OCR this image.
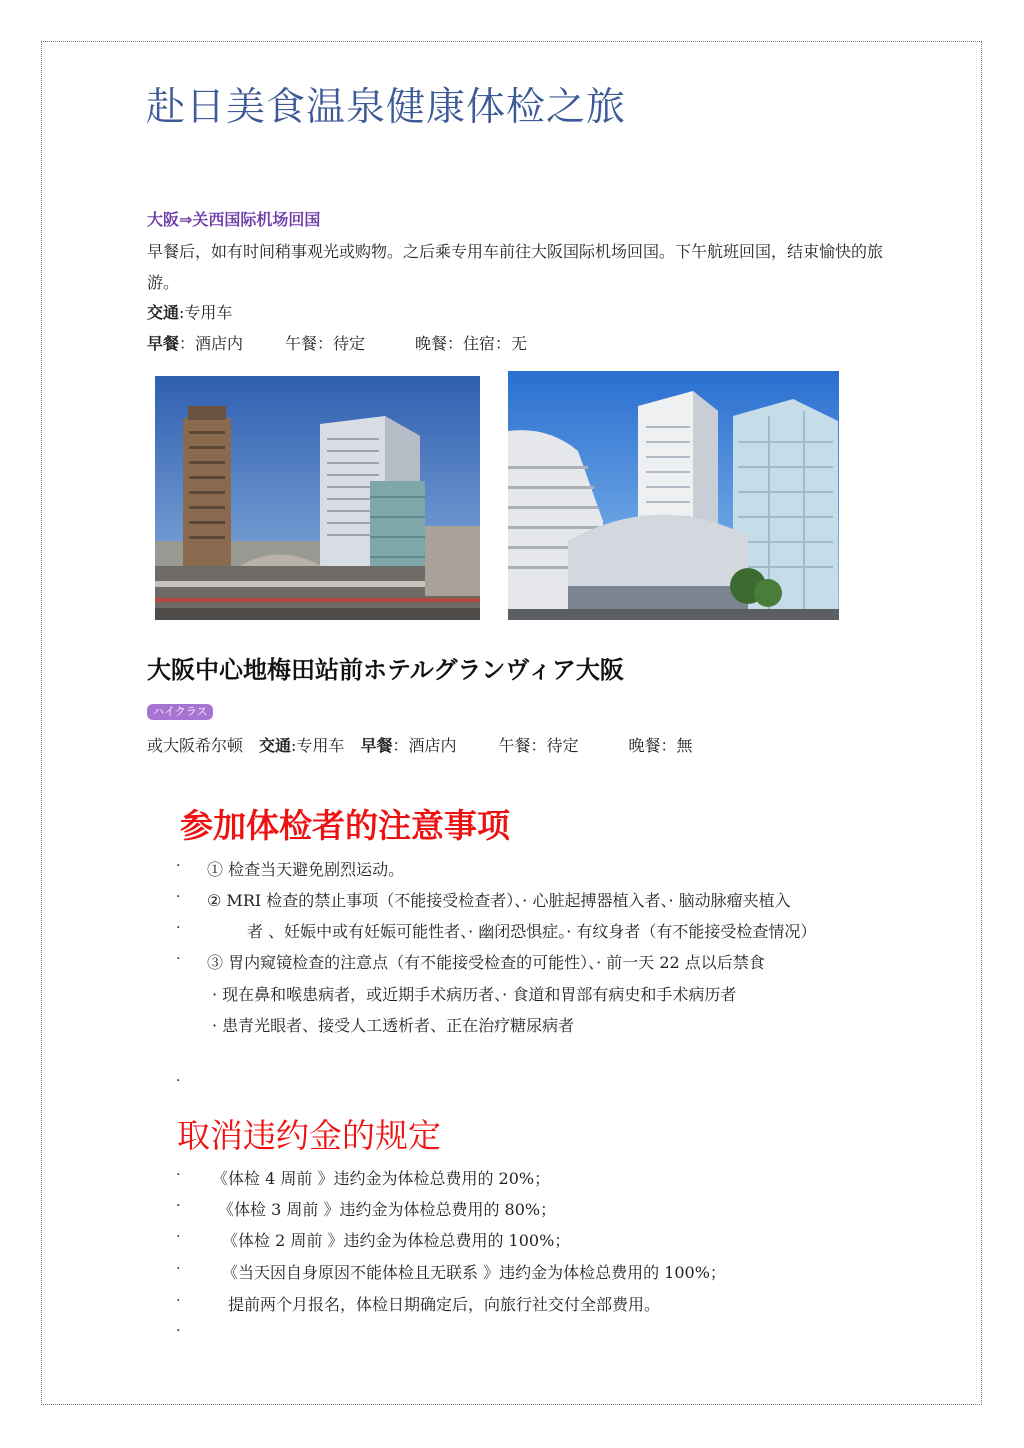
赴日美食温泉健康体检之旅
大阪⇒关西国际机场回国

早餐后，如有时间稍事观光或购物。之后乘专用车前往大阪国际机场回国。下午航班回国，结束愉快的旅游。

交通:专用车
早餐：酒店内	午餐：待定	晚餐：住宿：无
大阪中心地梅田站前ホテルグランヴィア大阪
ハイクラス
或大阪希尔顿 交通:专用车 早餐：酒店内	午餐：待定	晚餐：無
参加体检者的注意事项
· ① 检查当天避免剧烈运动。
· ② MRI 检查的禁止事项（不能接受检查者）、· 心脏起搏器植入者、· 脑动脉瘤夹植入
·	者 、妊娠中或有妊娠可能性者、· 幽闭恐惧症。· 有纹身者（有不能接受检查情况）
· ③ 胃内窥镜检查的注意点（有不能接受检查的可能性）、· 前一天 22 点以后禁食
· 现在鼻和喉患病者，或近期手术病历者、· 食道和胃部有病史和手术病历者
· 患青光眼者、接受人工透析者、正在治疗糖尿病者
·
取消违约金的规定
· 《体检 4 周前 》违约金为体检总费用的 20%；
· 《体检 3 周前 》违约金为体检总费用的 80%；
·	《体检 2 周前 》违约金为体检总费用的 100%；
·	《当天因自身原因不能体检且无联系 》违约金为体检总费用的 100%；
·	提前两个月报名，体检日期确定后，向旅行社交付全部费用。
·
